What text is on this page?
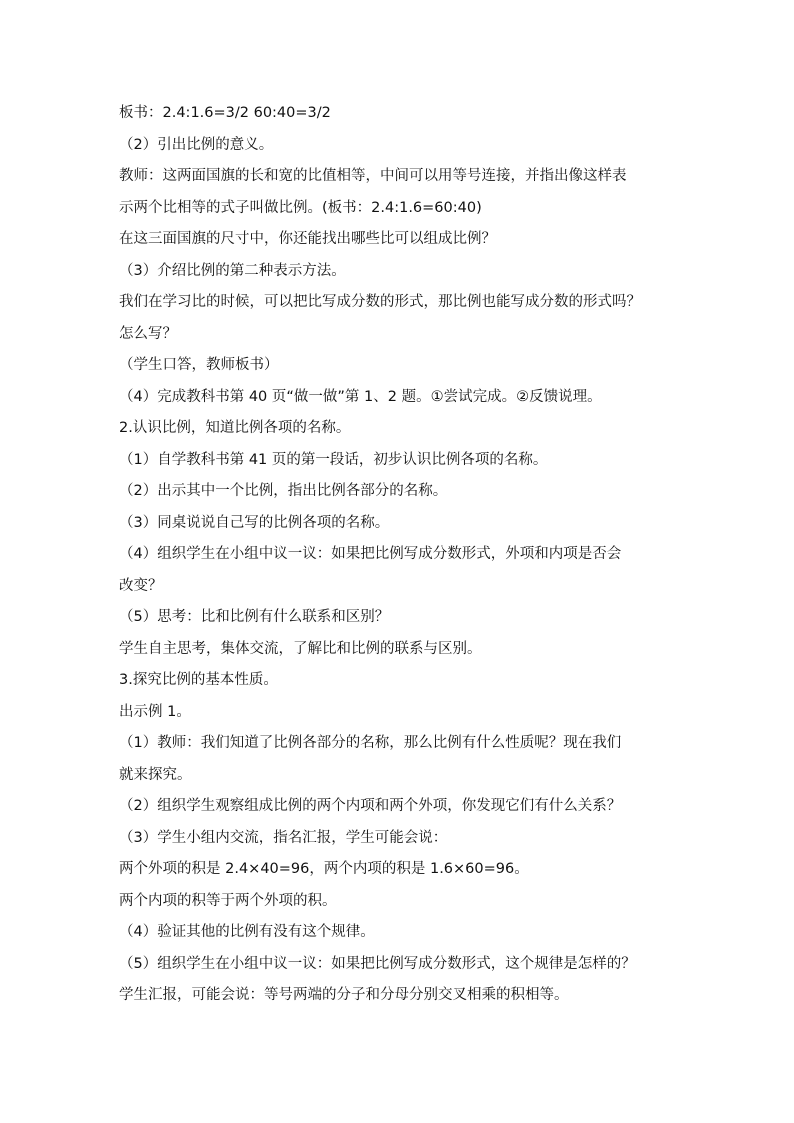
板书：2.4:1.6=3/2 60:40=3/2
（2）引出比例的意义。
教师：这两面国旗的长和宽的比值相等，中间可以用等号连接，并指出像这样表
示两个比相等的式子叫做比例。(板书：2.4:1.6=60:40)
在这三面国旗的尺寸中，你还能找出哪些比可以组成比例？
（3）介绍比例的第二种表示方法。
我们在学习比的时候，可以把比写成分数的形式，那比例也能写成分数的形式吗？
怎么写？
（学生口答，教师板书）
（4）完成教科书第 40 页“做一做”第 1、2 题。①尝试完成。②反馈说理。
2.认识比例，知道比例各项的名称。
（1）自学教科书第 41 页的第一段话，初步认识比例各项的名称。
（2）出示其中一个比例，指出比例各部分的名称。
（3）同桌说说自己写的比例各项的名称。
（4）组织学生在小组中议一议：如果把比例写成分数形式，外项和内项是否会
改变？
（5）思考：比和比例有什么联系和区别？
学生自主思考，集体交流，了解比和比例的联系与区别。
3.探究比例的基本性质。
出示例 1。
（1）教师：我们知道了比例各部分的名称，那么比例有什么性质呢？现在我们
就来探究。
（2）组织学生观察组成比例的两个内项和两个外项，你发现它们有什么关系？
（3）学生小组内交流，指名汇报，学生可能会说：
两个外项的积是 2.4×40=96，两个内项的积是 1.6×60=96。
两个内项的积等于两个外项的积。
（4）验证其他的比例有没有这个规律。
（5）组织学生在小组中议一议：如果把比例写成分数形式，这个规律是怎样的？
学生汇报，可能会说：等号两端的分子和分母分别交叉相乘的积相等。
